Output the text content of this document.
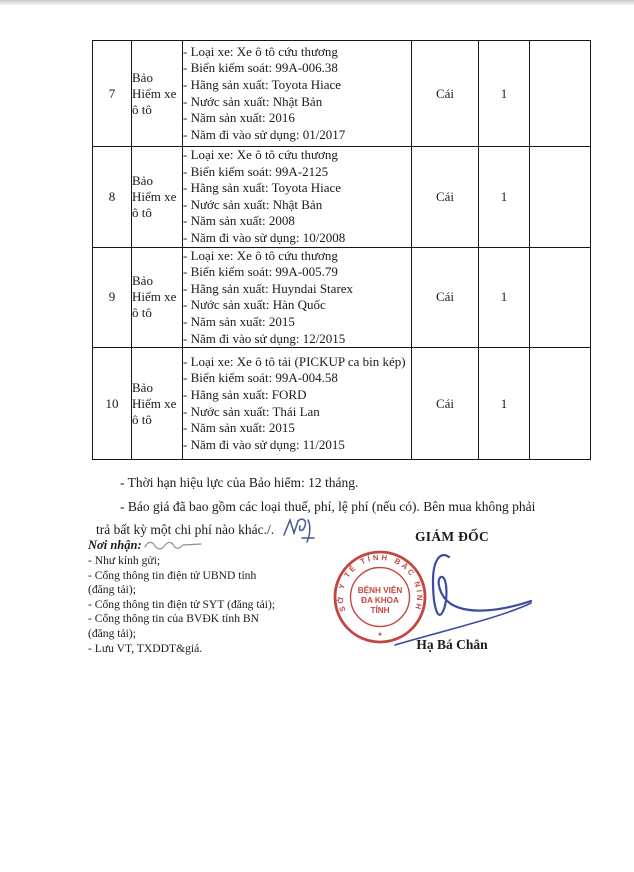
7	Bảo Hiểm xe ô tô	
- Loại xe: Xe ô tô cứu thương
- Biển kiểm soát: 99A-006.38
- Hãng sản xuất: Toyota Hiace
- Nước sản xuất: Nhật Bản
- Năm sản xuất: 2016
- Năm đi vào sử dụng: 01/2017
	Cái	1	
8	Bảo Hiểm xe ô tô	
- Loại xe: Xe ô tô cứu thương
- Biển kiểm soát: 99A-2125
- Hãng sản xuất: Toyota Hiace
- Nước sản xuất: Nhật Bản
- Năm sản xuất: 2008
- Năm đi vào sử dụng: 10/2008
	Cái	1	
9	Bảo Hiểm xe ô tô	
- Loại xe: Xe ô tô cứu thương
- Biển kiểm soát: 99A-005.79
- Hãng sản xuất: Huyndai Starex
- Nước sản xuất: Hàn Quốc
- Năm sản xuất: 2015
- Năm đi vào sử dụng: 12/2015
	Cái	1	
10	Bảo Hiểm xe ô tô	
- Loại xe: Xe ô tô tải (PICKUP ca bin kép)
- Biển kiểm soát: 99A-004.58
- Hãng sản xuất: FORD
- Nước sản xuất: Thái Lan
- Năm sản xuất: 2015
- Năm đi vào sử dụng: 11/2015
	Cái	1	

- Thời hạn hiệu lực của Bảo hiểm: 12 tháng.

- Báo giá đã bao gồm các loại thuế, phí, lệ phí (nếu có). Bên mua không phải

trả bất kỳ một chi phí nào khác./.

Nơi nhận:
- Như kính gửi;
- Cổng thông tin điện tử UBND tỉnh
(đăng tải);
- Cổng thông tin điện tử SYT (đăng tải);
- Cổng thông tin của BVĐK tỉnh BN
(đăng tải);
- Lưu VT, TXDDT&giá.
GIÁM ĐỐC
SỞ Y TẾ TỈNH BẮC NINH
BỆNH VIỆN
ĐA KHOA
TỈNH
★
Hạ Bá Chân
